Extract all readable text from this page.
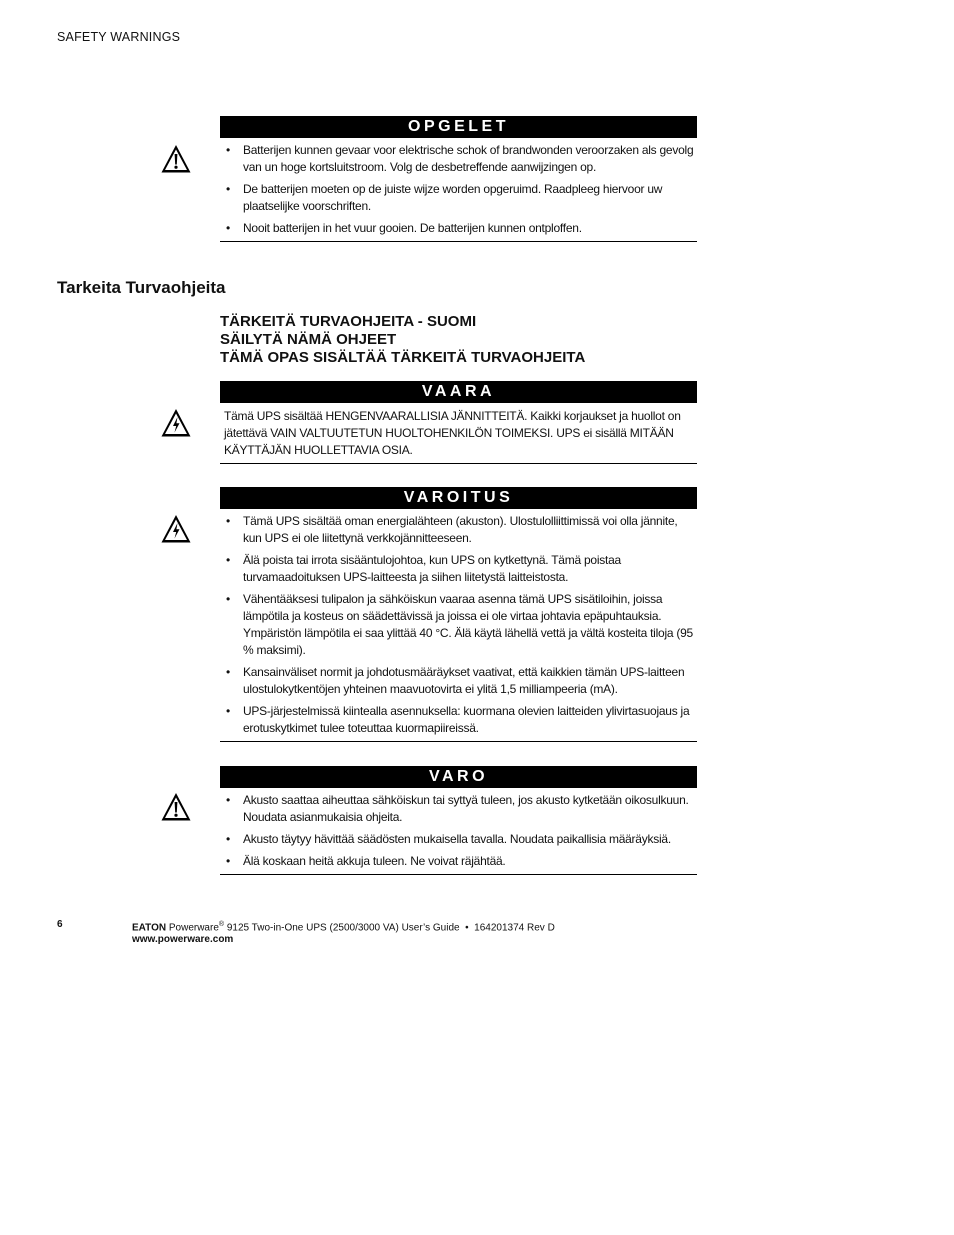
SAFETY WARNINGS
OPGELET
• Batterijen kunnen gevaar voor elektrische schok of brandwonden veroorzaken als gevolg van un hoge kortsluitstroom. Volg de desbetreffende aanwijzingen op.
• De batterijen moeten op de juiste wijze worden opgeruimd. Raadpleeg hiervoor uw plaatselijke voorschriften.
• Nooit batterijen in het vuur gooien. De batterijen kunnen ontploffen.
Tarkeita Turvaohjeita
TÄRKEITÄ TURVAOHJEITA - SUOMI
SÄILYTÄ NÄMÄ OHJEET
TÄMÄ OPAS SISÄLTÄÄ TÄRKEITÄ TURVAOHJEITA
VAARA

Tämä UPS sisältää HENGENVAARALLISIA JÄNNITTEITÄ. Kaikki korjaukset ja huollot on jätettävä VAIN VALTUUTETUN HUOLTOHENKILÖN TOIMEKSI. UPS ei sisällä MITÄÄN KÄYTTÄJÄN HUOLLETTAVIA OSIA.

VAROITUS
• Tämä UPS sisältää oman energialähteen (akuston). Ulostulolliittimissä voi olla jännite, kun UPS ei ole liitettynä verkkojännitteeseen.
• Älä poista tai irrota sisääntulojohtoa, kun UPS on kytkettynä. Tämä poistaa turvamaadoituksen UPS-laitteesta ja siihen liitetystä laitteistosta.
• Vähentääksesi tulipalon ja sähköiskun vaaraa asenna tämä UPS sisätiloihin, joissa lämpötila ja kosteus on säädettävissä ja joissa ei ole virtaa johtavia epäpuhtauksia. Ympäristön lämpötila ei saa ylittää 40 °C. Älä käytä lähellä vettä ja vältä kosteita tiloja (95 % maksimi).
• Kansainväliset normit ja johdotusmääräykset vaativat, että kaikkien tämän UPS-laitteen ulostulokytkentöjen yhteinen maavuotovirta ei ylitä 1,5 milliampeeria (mA).
• UPS-järjestelmissä kiintealla asennuksella: kuormana olevien laitteiden ylivirtasuojaus ja erotuskytkimet tulee toteuttaa kuormapiireissä.
VARO
• Akusto saattaa aiheuttaa sähköiskun tai syttyä tuleen, jos akusto kytketään oikosulkuun. Noudata asianmukaisia ohjeita.
• Akusto täytyy hävittää säädösten mukaisella tavalla. Noudata paikallisia määräyksiä.
• Älä koskaan heitä akkuja tuleen. Ne voivat räjähtää.
6	EATON Powerware® 9125 Two-in-One UPS (2500/3000 VA) User’s Guide  •  164201374 Rev D
www.powerware.com
